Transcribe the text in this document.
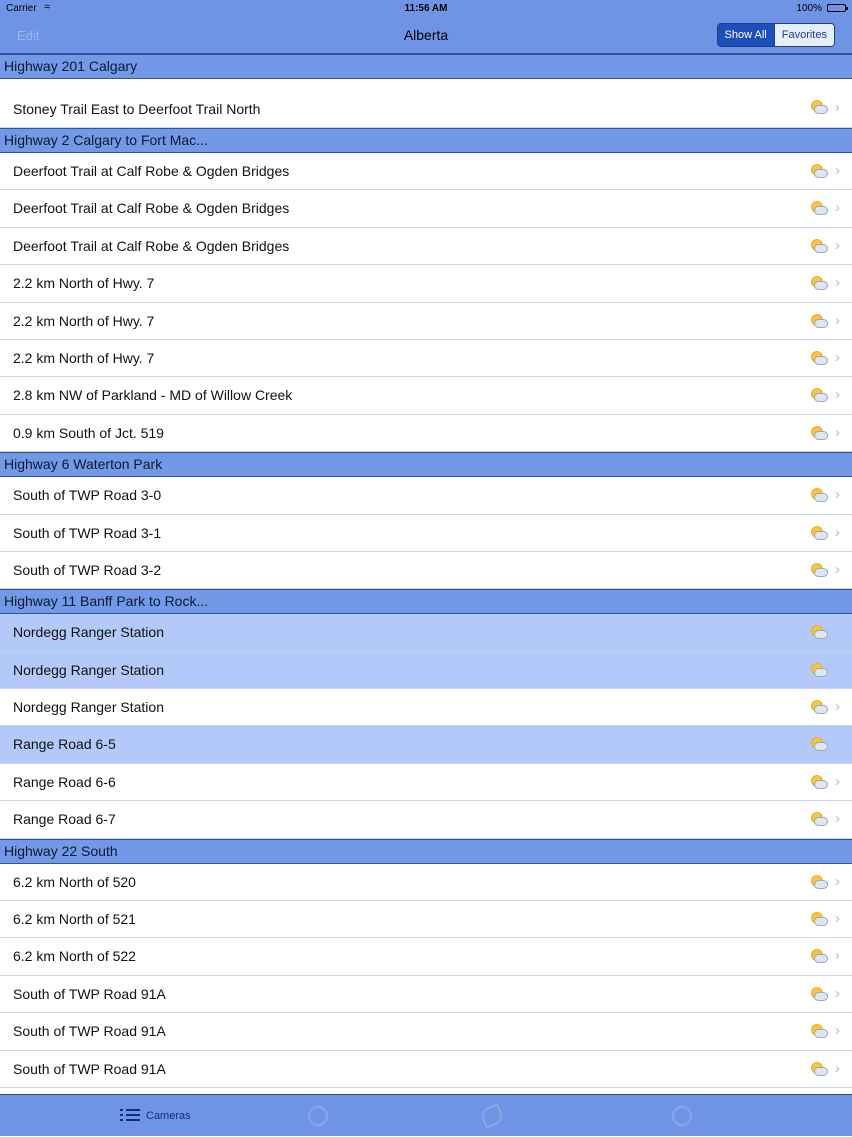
Carrier ≈	11:56 AM	100%
Edit	Alberta	Show All	Favorites
Highway 201 Calgary
Stoney Trail East to Deerfoot Trail North	›
Highway 2 Calgary to Fort Mac...
Deerfoot Trail at Calf Robe & Ogden Bridges	›
Deerfoot Trail at Calf Robe & Ogden Bridges	›
Deerfoot Trail at Calf Robe & Ogden Bridges	›
2.2 km North of Hwy. 7	›
2.2 km North of Hwy. 7	›
2.2 km North of Hwy. 7	›
2.8 km NW of Parkland - MD of Willow Creek	›
0.9 km South of Jct. 519	›
Highway 6 Waterton Park
South of TWP Road 3-0	›
South of TWP Road 3-1	›
South of TWP Road 3-2	›
Highway 11 Banff Park to Rock...
Nordegg Ranger Station
Nordegg Ranger Station
Nordegg Ranger Station	›
Range Road 6-5
Range Road 6-6	›
Range Road 6-7	›
Highway 22 South
6.2 km North of 520	›
6.2 km North of 521	›
6.2 km North of 522	›
South of TWP Road 91A	›
South of TWP Road 91A	›
South of TWP Road 91A	›
Cameras
